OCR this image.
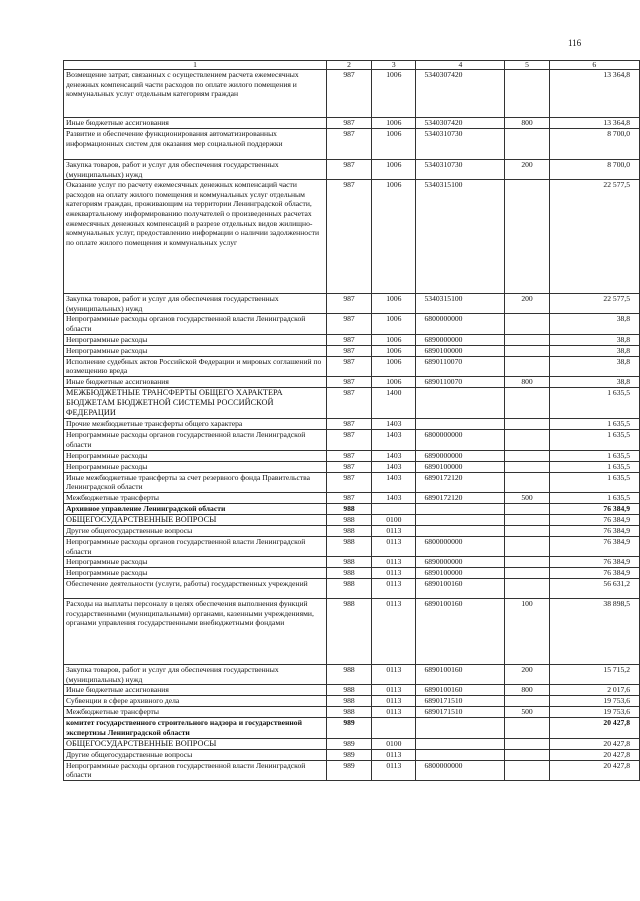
116
1	2	3	4	5	6
Возмещение затрат, связанных с осуществлением расчета ежемесячных денежных компенсаций части расходов по оплате жилого помещения и коммунальных услуг отдельным категориям граждан	987	1006	5340307420		13 364,8
Иные бюджетные ассигнования	987	1006	5340307420	800	13 364,8
Развитие и обеспечение функционирования автоматизированных информационных систем для оказания мер социальной поддержки	987	1006	5340310730		8 700,0
Закупка товаров, работ и услуг для обеспечения государственных (муниципальных) нужд	987	1006	5340310730	200	8 700,0
Оказание услуг по расчету ежемесячных денежных компенсаций части расходов на оплату жилого помещения и коммунальных услуг отдельным категориям граждан, проживающим на территории Ленинградской области, ежеквартальному информированию получателей о произведенных расчетах ежемесячных денежных компенсаций в разрезе отдельных видов жилищно-коммунальных услуг, предоставлению информации о наличии задолженности по оплате жилого помещения и коммунальных услуг	987	1006	5340315100		22 577,5
Закупка товаров, работ и услуг для обеспечения государственных (муниципальных) нужд	987	1006	5340315100	200	22 577,5
Непрограммные расходы органов государственной власти Ленинградской области	987	1006	6800000000		38,8
Непрограммные расходы	987	1006	6890000000		38,8
Непрограммные расходы	987	1006	6890100000		38,8
Исполнение судебных актов Российской Федерации и мировых соглашений по возмещению вреда	987	1006	6890110070		38,8
Иные бюджетные ассигнования	987	1006	6890110070	800	38,8
МЕЖБЮДЖЕТНЫЕ ТРАНСФЕРТЫ ОБЩЕГО ХАРАКТЕРА БЮДЖЕТАМ БЮДЖЕТНОЙ СИСТЕМЫ РОССИЙСКОЙ ФЕДЕРАЦИИ	987	1400			1 635,5
Прочие межбюджетные трансферты общего характера	987	1403			1 635,5
Непрограммные расходы органов государственной власти Ленинградской области	987	1403	6800000000		1 635,5
Непрограммные расходы	987	1403	6890000000		1 635,5
Непрограммные расходы	987	1403	6890100000		1 635,5
Иные межбюджетные трансферты за счет резервного фонда Правительства Ленинградской области	987	1403	6890172120		1 635,5
Межбюджетные трансферты	987	1403	6890172120	500	1 635,5
Архивное управление Ленинградской области	988				76 384,9
ОБЩЕГОСУДАРСТВЕННЫЕ ВОПРОСЫ	988	0100			76 384,9
Другие общегосударственные вопросы	988	0113			76 384,9
Непрограммные расходы органов государственной власти Ленинградской области	988	0113	6800000000		76 384,9
Непрограммные расходы	988	0113	6890000000		76 384,9
Непрограммные расходы	988	0113	6890100000		76 384,9
Обеспечение деятельности (услуги, работы) государственных учреждений	988	0113	6890100160		56 631,2
Расходы на выплаты персоналу в целях обеспечения выполнения функций государственными (муниципальными) органами, казенными учреждениями, органами управления государственными внебюджетными фондами	988	0113	6890100160	100	38 898,5
Закупка товаров, работ и услуг для обеспечения государственных (муниципальных) нужд	988	0113	6890100160	200	15 715,2
Иные бюджетные ассигнования	988	0113	6890100160	800	2 017,6
Субвенции в сфере архивного дела	988	0113	6890171510		19 753,6
Межбюджетные трансферты	988	0113	6890171510	500	19 753,6
комитет государственного строительного надзора и государственной экспертизы Ленинградской области	989				20 427,8
ОБЩЕГОСУДАРСТВЕННЫЕ ВОПРОСЫ	989	0100			20 427,8
Другие общегосударственные вопросы	989	0113			20 427,8
Непрограммные расходы органов государственной власти Ленинградской области	989	0113	6800000000		20 427,8
